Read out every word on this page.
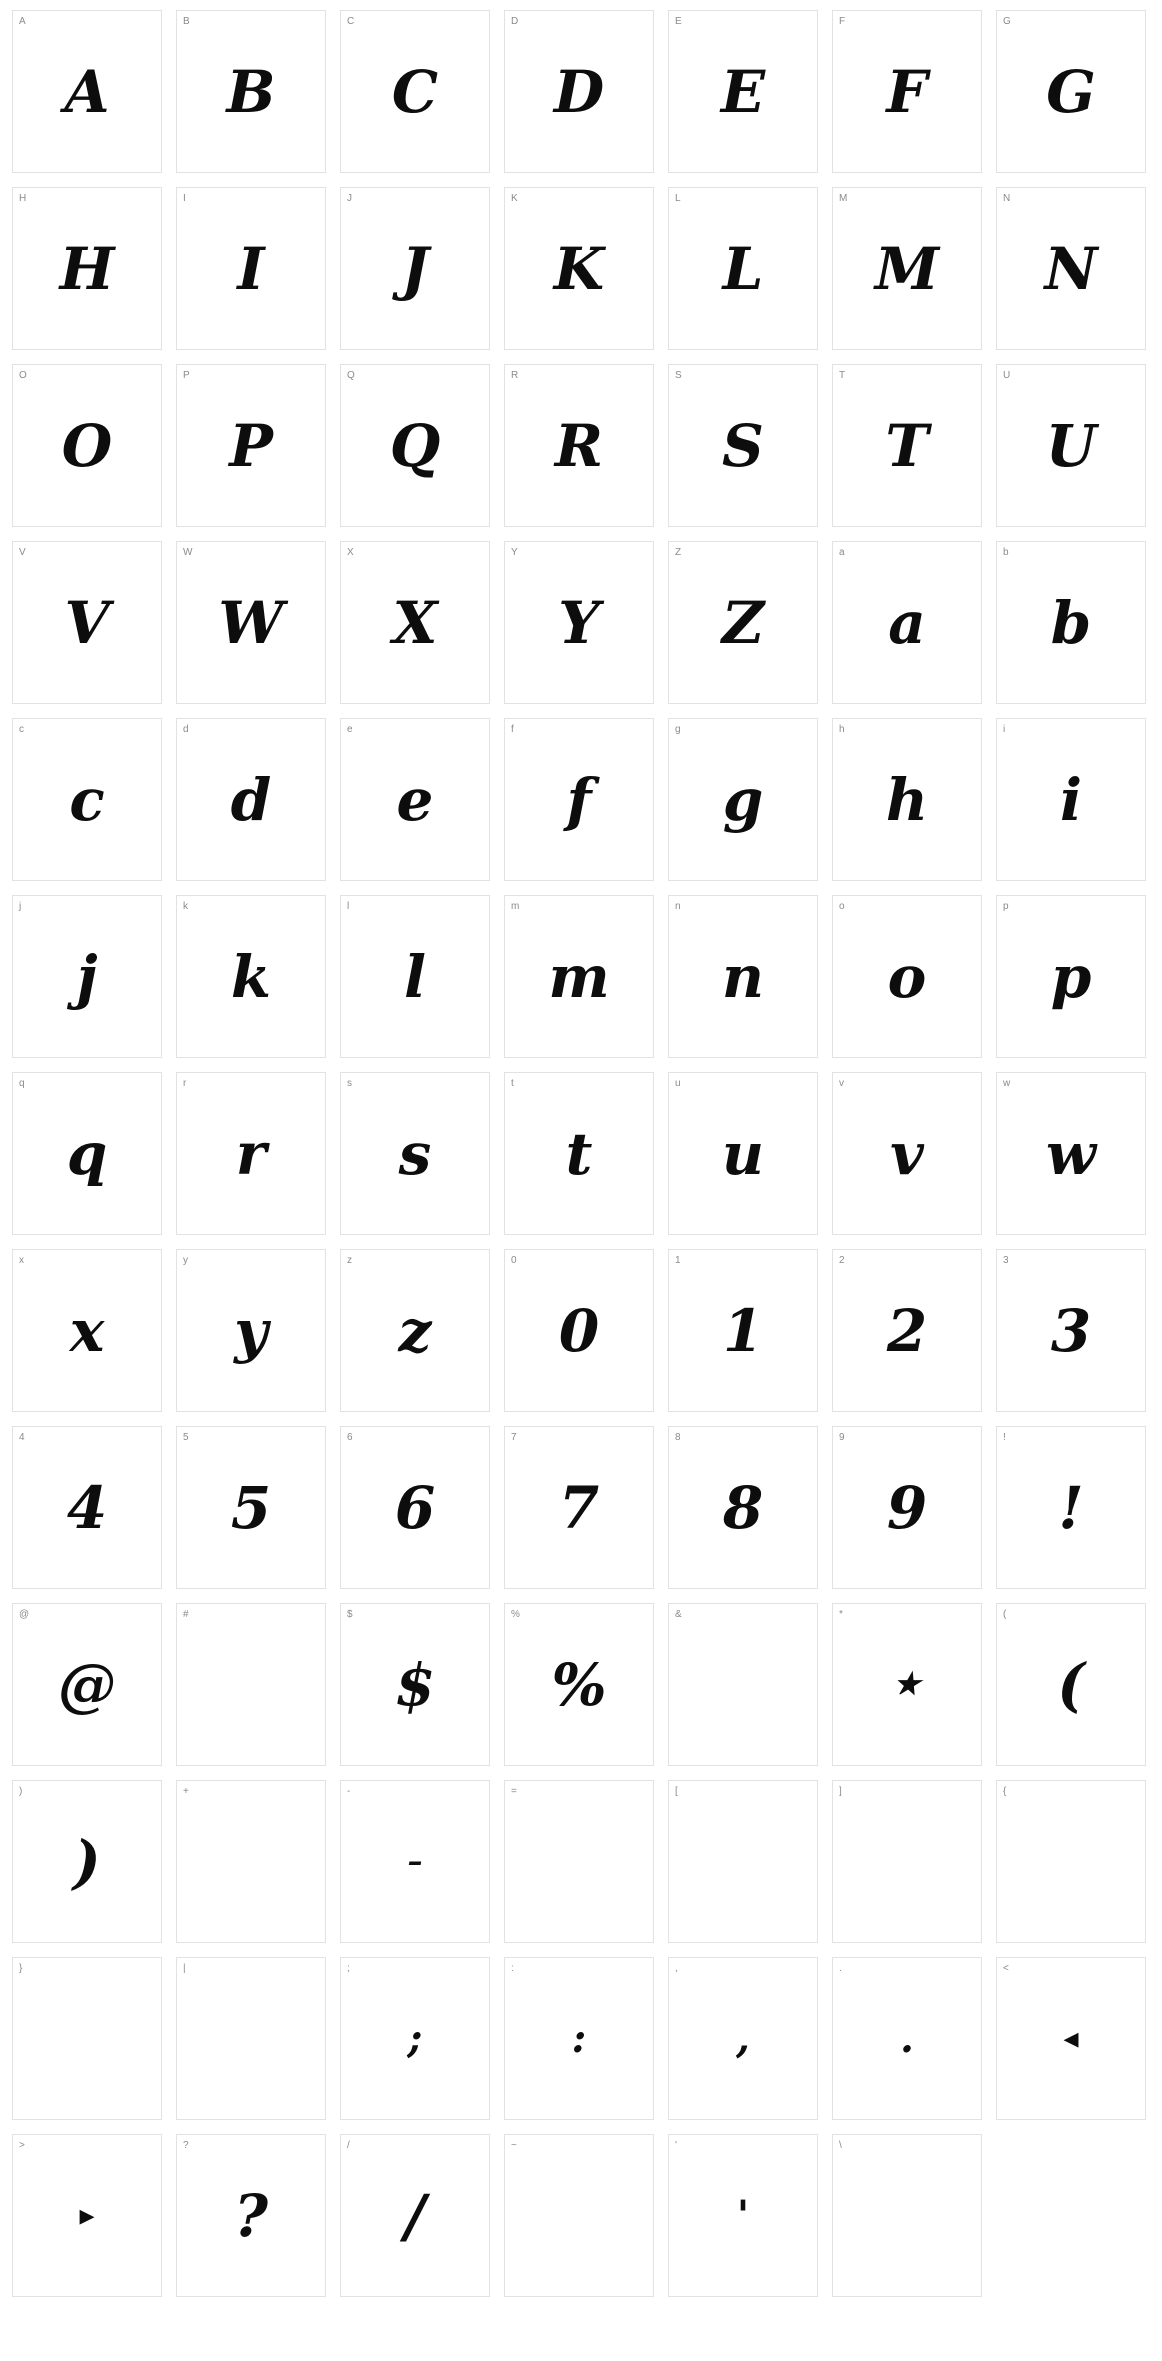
A
A
B
B
C
C
D
D
E
E
F
F
G
G
H
H
I
I
J
J
K
K
L
L
M
M
N
N
O
O
P
P
Q
Q
R
R
S
S
T
T
U
U
V
V
W
W
X
X
Y
Y
Z
Z
a
a
b
b
c
c
d
d
e
e
f
f
g
g
h
h
i
i
j
j
k
k
l
l
m
m
n
n
o
o
p
p
q
q
r
r
s
s
t
t
u
u
v
v
w
w
x
x
y
y
z
z
0
0
1
1
2
2
3
3
4
4
5
5
6
6
7
7
8
8
9
9
!
!
@
@
#	$
$
%
%
&	*
★
(
(
)
)
+	-
–
=	[	]	{
}	|	;
;
:
:
,
,
.
.
<
◂
>
▸
?
?
/
/
~	'
'
\
